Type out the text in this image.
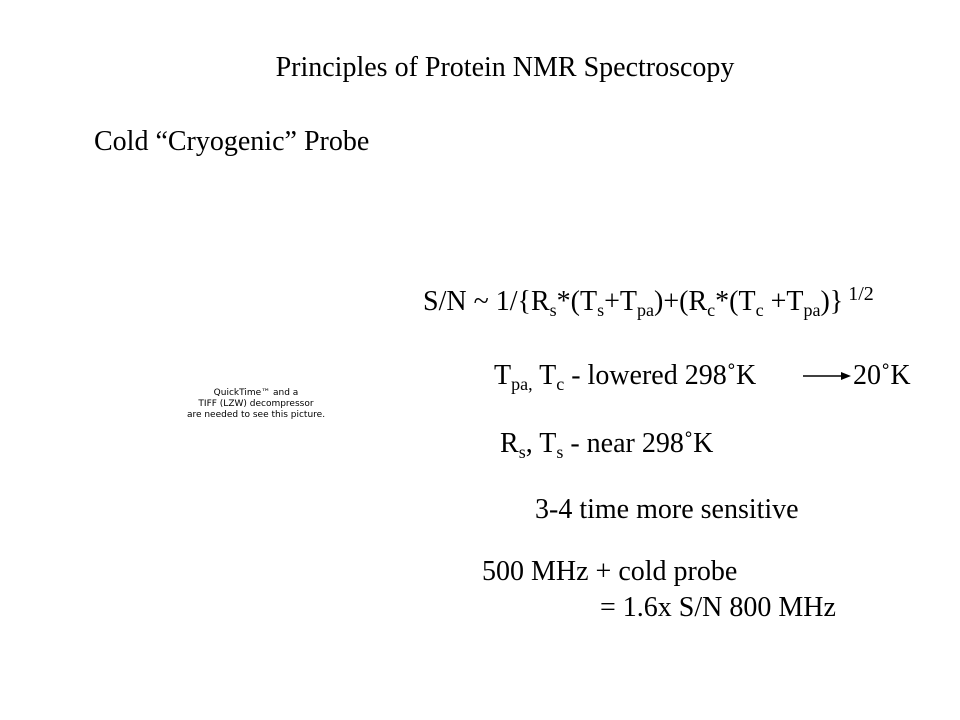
Principles of Protein NMR Spectroscopy
Cold “Cryogenic” Probe
S/N ~ $1/\{R_s*(T_s+T_{pa})+(R_c*(T_c +T_{pa})\}$ $^{1/2}$
$T_{pa,}$ $T_c$ - lowered 298˚K	20˚K
$R_s$, $T_s$ - near 298˚K
3-4 time more sensitive
500 MHz + cold probe
= 1.6x S/N 800 MHz
QuickTime™ and a
TIFF (LZW) decompressor
are needed to see this picture.
